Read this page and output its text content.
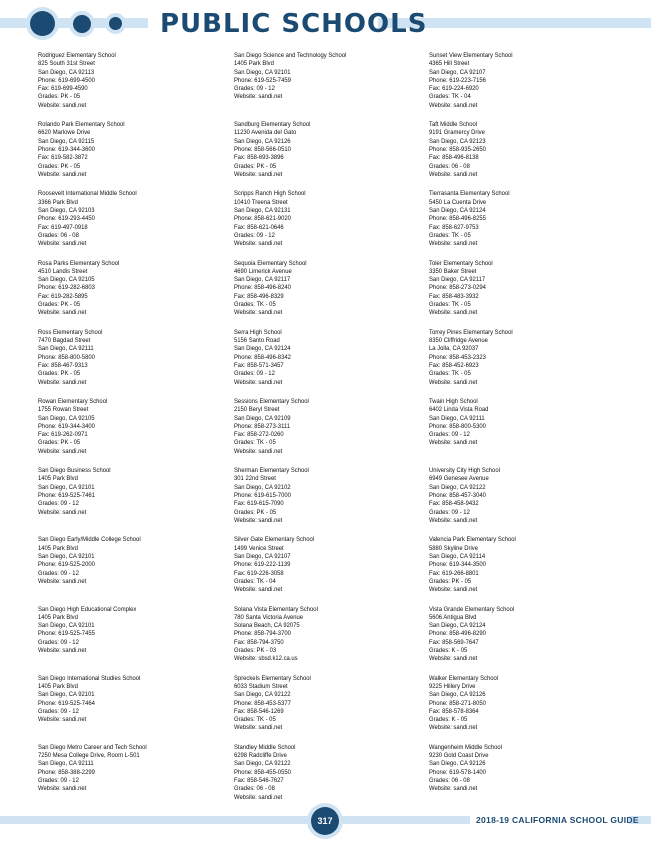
PUBLIC SCHOOLS
Rodriguez Elementary School
825 South 31st Street
San Diego, CA 92113
Phone: 619-699-4500
Fax: 619-699-4590
Grades: PK - 05
Website: sandi.net
Rolando Park Elementary School
6620 Marlowe Drive
San Diego, CA 92115
Phone: 619-344-3600
Fax: 619-582-3872
Grades: PK - 05
Website: sandi.net
Roosevelt International Middle School
3366 Park Blvd
San Diego, CA 92103
Phone: 619-293-4450
Fax: 619-497-0918
Grades: 06 - 08
Website: sandi.net
Rosa Parks Elementary School
4510 Landis Street
San Diego, CA 92105
Phone: 619-282-6803
Fax: 619-282-5895
Grades: PK - 05
Website: sandi.net
Ross Elementary School
7470 Bagdad Street
San Diego, CA 92111
Phone: 858-800-5800
Fax: 858-467-9313
Grades: PK - 05
Website: sandi.net
Rowan Elementary School
1755 Rowan Street
San Diego, CA 92105
Phone: 619-344-3400
Fax: 619-262-0971
Grades: PK - 05
Website: sandi.net
San Diego Business School
1405 Park Blvd
San Diego, CA 92101
Phone: 619-525-7461
Grades: 09 - 12
Website: sandi.net
San Diego Early/Middle College School
1405 Park Blvd
San Diego, CA 92101
Phone: 619-525-2000
Grades: 09 - 12
Website: sandi.net
San Diego High Educational Complex
1405 Park Blvd
San Diego, CA 92101
Phone: 619-525-7455
Grades: 09 - 12
Website: sandi.net
San Diego International Studies School
1405 Park Blvd
San Diego, CA 92101
Phone: 619-525-7464
Grades: 09 - 12
Website: sandi.net
San Diego Metro Career and Tech School
7250 Mesa College Drive, Room L-501
San Diego, CA 92111
Phone: 858-388-2299
Grades: 09 - 12
Website: sandi.net
San Diego Science and Technology School
1405 Park Blvd
San Diego, CA 92101
Phone: 619-525-7459
Grades: 09 - 12
Website: sandi.net
Sandburg Elementary School
11230 Avenida del Gato
San Diego, CA 92126
Phone: 858-566-0510
Fax: 858-693-3896
Grades: PK - 05
Website: sandi.net
Scripps Ranch High School
10410 Treena Street
San Diego, CA 92131
Phone: 858-621-9020
Fax: 858-621-0646
Grades: 09 - 12
Website: sandi.net
Sequoia Elementary School
4690 Limerick Avenue
San Diego, CA 92117
Phone: 858-496-8240
Fax: 858-496-8329
Grades: TK - 05
Website: sandi.net
Serra High School
5156 Santo Road
San Diego, CA 92124
Phone: 858-496-8342
Fax: 858-571-3457
Grades: 09 - 12
Website: sandi.net
Sessions Elementary School
2150 Beryl Street
San Diego, CA 92109
Phone: 858-273-3111
Fax: 858-272-0260
Grades: TK - 05
Website: sandi.net
Sherman Elementary School
301 22nd Street
San Diego, CA 92102
Phone: 619-615-7000
Fax: 619-615-7090
Grades: PK - 05
Website: sandi.net
Silver Gate Elementary School
1499 Venice Street
San Diego, CA 92107
Phone: 619-222-1139
Fax: 619-226-3058
Grades: TK - 04
Website: sandi.net
Solana Vista Elementary School
780 Santa Victoria Avenue
Solana Beach, CA 92075
Phone: 858-794-3700
Fax: 858-794-3750
Grades: PK - 03
Website: sbsd.k12.ca.us
Spreckels Elementary School
6033 Stadium Street
San Diego, CA 92122
Phone: 858-453-5377
Fax: 858-546-1269
Grades: TK - 05
Website: sandi.net
Standley Middle School
6298 Radcliffe Drive
San Diego, CA 92122
Phone: 858-455-0550
Fax: 858-546-7627
Grades: 06 - 08
Website: sandi.net
Sunset View Elementary School
4365 Hill Street
San Diego, CA 92107
Phone: 619-223-7156
Fax: 619-224-6920
Grades: TK - 04
Website: sandi.net
Taft Middle School
9191 Gramercy Drive
San Diego, CA 92123
Phone: 858-935-2650
Fax: 858-496-8138
Grades: 06 - 08
Website: sandi.net
Tierrasanta Elementary School
5450 La Cuenta Drive
San Diego, CA 92124
Phone: 858-496-8255
Fax: 858-627-9753
Grades: TK - 05
Website: sandi.net
Toler Elementary School
3350 Baker Street
San Diego, CA 92117
Phone: 858-273-0294
Fax: 858-483-3932
Grades: TK - 05
Website: sandi.net
Torrey Pines Elementary School
8350 Cliffridge Avenue
La Jolla, CA 92037
Phone: 858-453-2323
Fax: 858-452-6923
Grades: TK - 05
Website: sandi.net
Twain High School
6402 Linda Vista Road
San Diego, CA 92111
Phone: 858-800-5300
Grades: 09 - 12
Website: sandi.net
University City High School
6949 Genesee Avenue
San Diego, CA 92122
Phone: 858-457-3040
Fax: 858-458-9432
Grades: 09 - 12
Website: sandi.net
Valencia Park Elementary School
5880 Skyline Drive
San Diego, CA 92114
Phone: 619-344-3500
Fax: 619-266-8801
Grades: PK - 05
Website: sandi.net
Vista Grande Elementary School
5606 Antigua Blvd
San Diego, CA 92124
Phone: 858-496-8290
Fax: 858-569-7647
Grades: K - 05
Website: sandi.net
Walker Elementary School
9225 Hillery Drive
San Diego, CA 92126
Phone: 858-271-8050
Fax: 858-578-8364
Grades: K - 05
Website: sandi.net
Wangenheim Middle School
9230 Gold Coast Drive
San Diego, CA 92126
Phone: 619-578-1400
Grades: 06 - 08
Website: sandi.net
317	2018-19 CALIFORNIA SCHOOL GUIDE
